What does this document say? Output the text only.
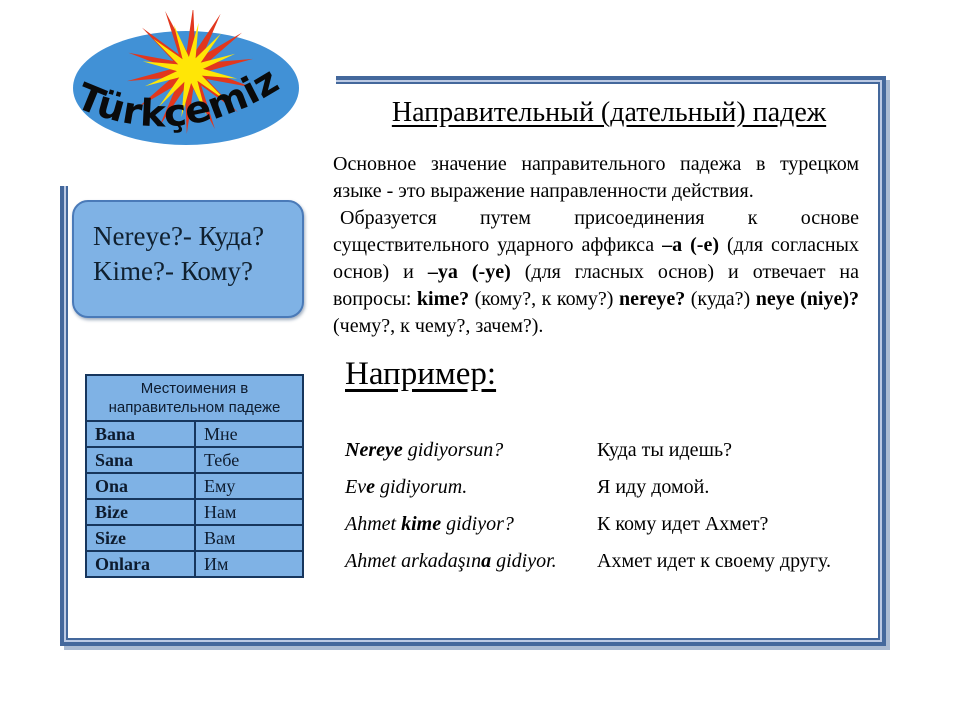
Türkçemiz
Направительный (дательный) падеж

Основное значение направительного падежа в турецком языке - это выражение направленности действия.

Образуется путем присоединения к основе существительного ударного аффикса –a (-e) (для согласных основ) и –ya (-ye) (для гласных основ) и отвечает на вопросы: kime? (кому?, к кому?) nereye? (куда?) neye (niye)? (чему?, к чему?, зачем?).

Nereye?- Куда?
Kime?- Кому?
Местоимения в направительном падеже	
Bana	Мне
Sana	Тебе
Ona	Ему
Bize	Нам
Size	Вам
Onlara	Им
Например:
Nereye gidiyorsun?	Куда ты идешь?
Eve gidiyorum.	Я иду домой.
Ahmet kime gidiyor?	К кому идет Ахмет?
Ahmet arkadaşına gidiyor.	Ахмет идет к своему другу.
